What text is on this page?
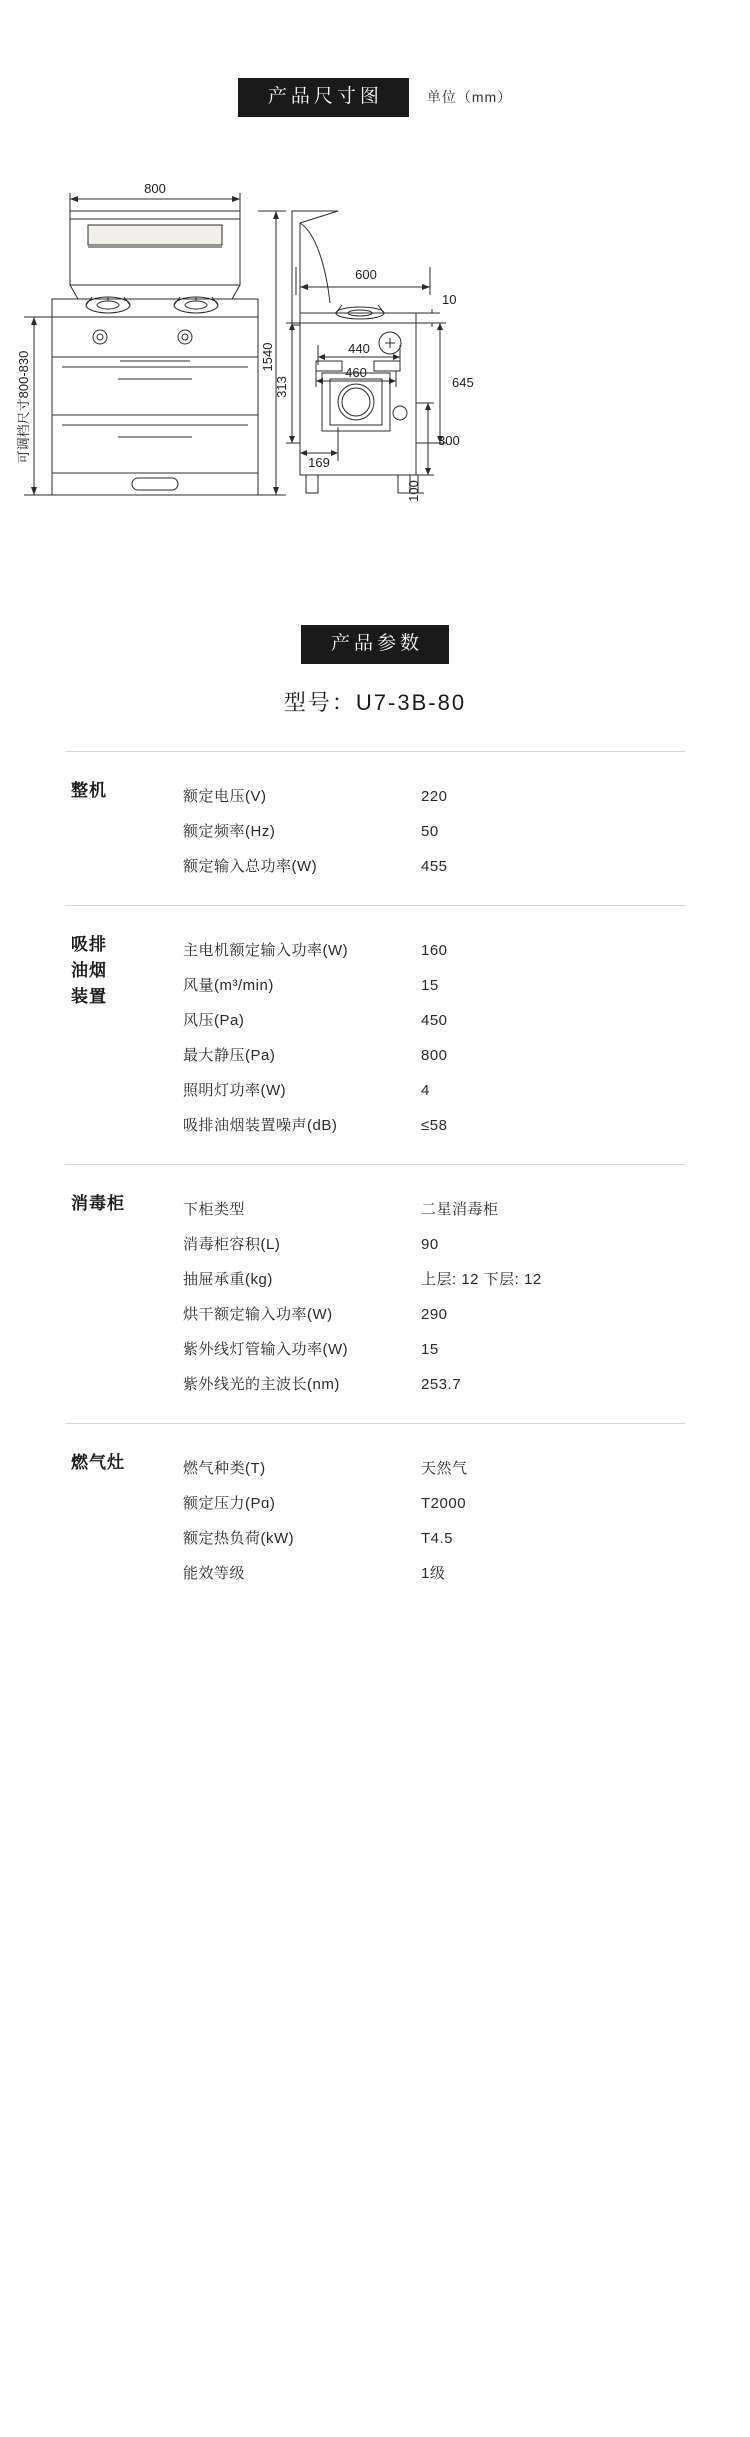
产品尺寸图	单位（mm）
800
1540
可调档尺寸800-830
600
10
440
460
645
313
169
300
100
产品参数
型号：U7-3B-80
整机	额定电压(V)	220
额定频率(Hz)	50
额定输入总功率(W)	455
吸排
油烟
装置
主电机额定输入功率(W)	160
风量(m³/min)	15
风压(Pa)	450
最大静压(Pa)	800
照明灯功率(W)	4
吸排油烟装置噪声(dB)	≤58
消毒柜	下柜类型	二星消毒柜
消毒柜容积(L)	90
抽屉承重(kg)	上层: 12 下层: 12
烘干额定输入功率(W)	290
紫外线灯管输入功率(W)	15
紫外线光的主波长(nm)	253.7
燃气灶	燃气种类(T)	天然气
额定压力(Pɑ)	T2000
额定热负荷(kW)	T4.5
能效等级	1级
